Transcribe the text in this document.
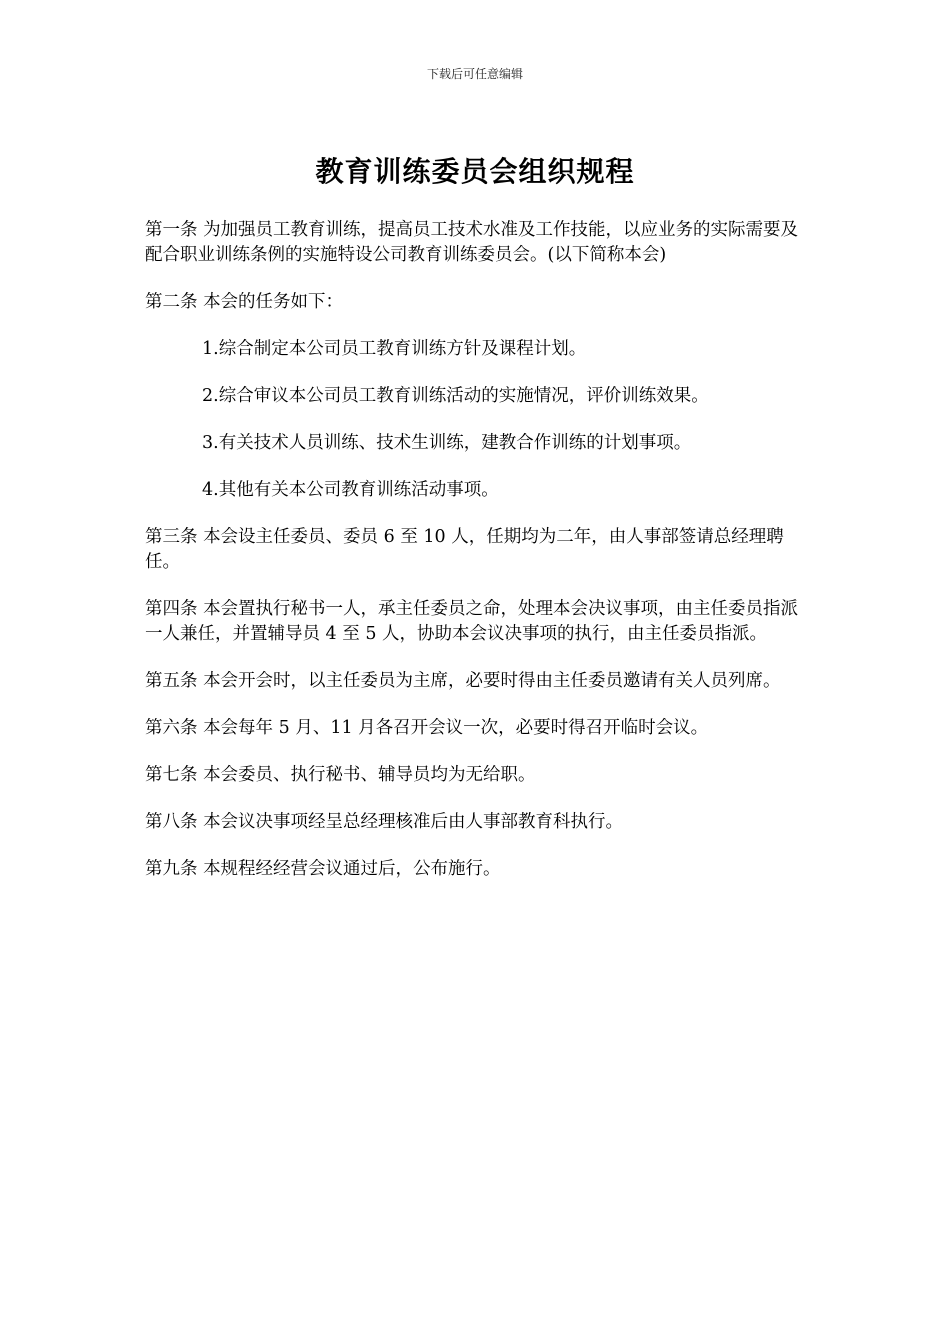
下载后可任意编辑
教育训练委员会组织规程

第一条 为加强员工教育训练，提高员工技术水准及工作技能，以应业务的实际需要及配合职业训练条例的实施特设公司教育训练委员会。(以下简称本会)

第二条 本会的任务如下：

1.综合制定本公司员工教育训练方针及课程计划。

2.综合审议本公司员工教育训练活动的实施情况，评价训练效果。

3.有关技术人员训练、技术生训练，建教合作训练的计划事项。

4.其他有关本公司教育训练活动事项。

第三条 本会设主任委员、委员 6 至 10 人，任期均为二年，由人事部签请总经理聘任。

第四条 本会置执行秘书一人，承主任委员之命，处理本会决议事项，由主任委员指派一人兼任，并置辅导员 4 至 5 人，协助本会议决事项的执行，由主任委员指派。

第五条 本会开会时，以主任委员为主席，必要时得由主任委员邀请有关人员列席。

第六条 本会每年 5 月、11 月各召开会议一次，必要时得召开临时会议。

第七条 本会委员、执行秘书、辅导员均为无给职。

第八条 本会议决事项经呈总经理核准后由人事部教育科执行。

第九条 本规程经经营会议通过后，公布施行。
